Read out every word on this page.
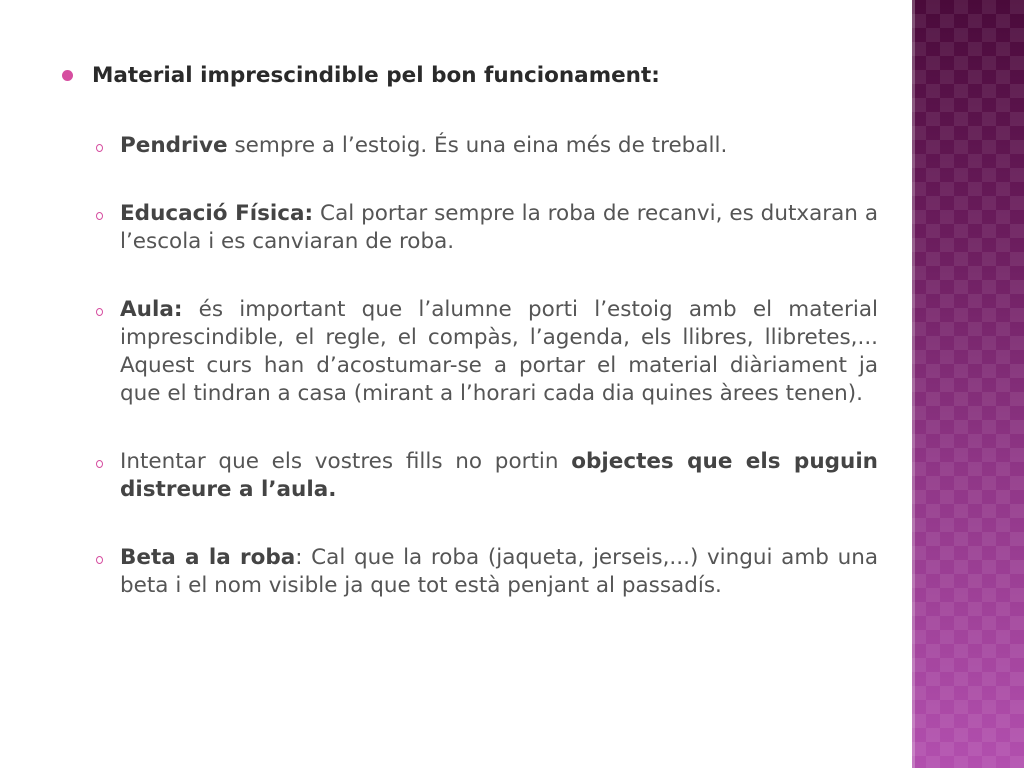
Material imprescindible pel bon funcionament:
Pendrive sempre a l’estoig. És una eina més de treball.
Educació Física: Cal portar sempre la roba de recanvi, es dutxaran a l’escola i es canviaran de roba.
Aula: és important que l’alumne porti l’estoig amb el material imprescindible, el regle, el compàs, l’agenda, els llibres, llibretes,... Aquest curs han d’acostumar-se a portar el material diàriament ja que el tindran a casa (mirant a l’horari cada dia quines àrees tenen).
Intentar que els vostres fills no portin objectes que els puguin distreure a l’aula.
Beta a la roba: Cal que la roba (jaqueta, jerseis,...) vingui amb una beta i el nom visible ja que tot està penjant al passadís.
